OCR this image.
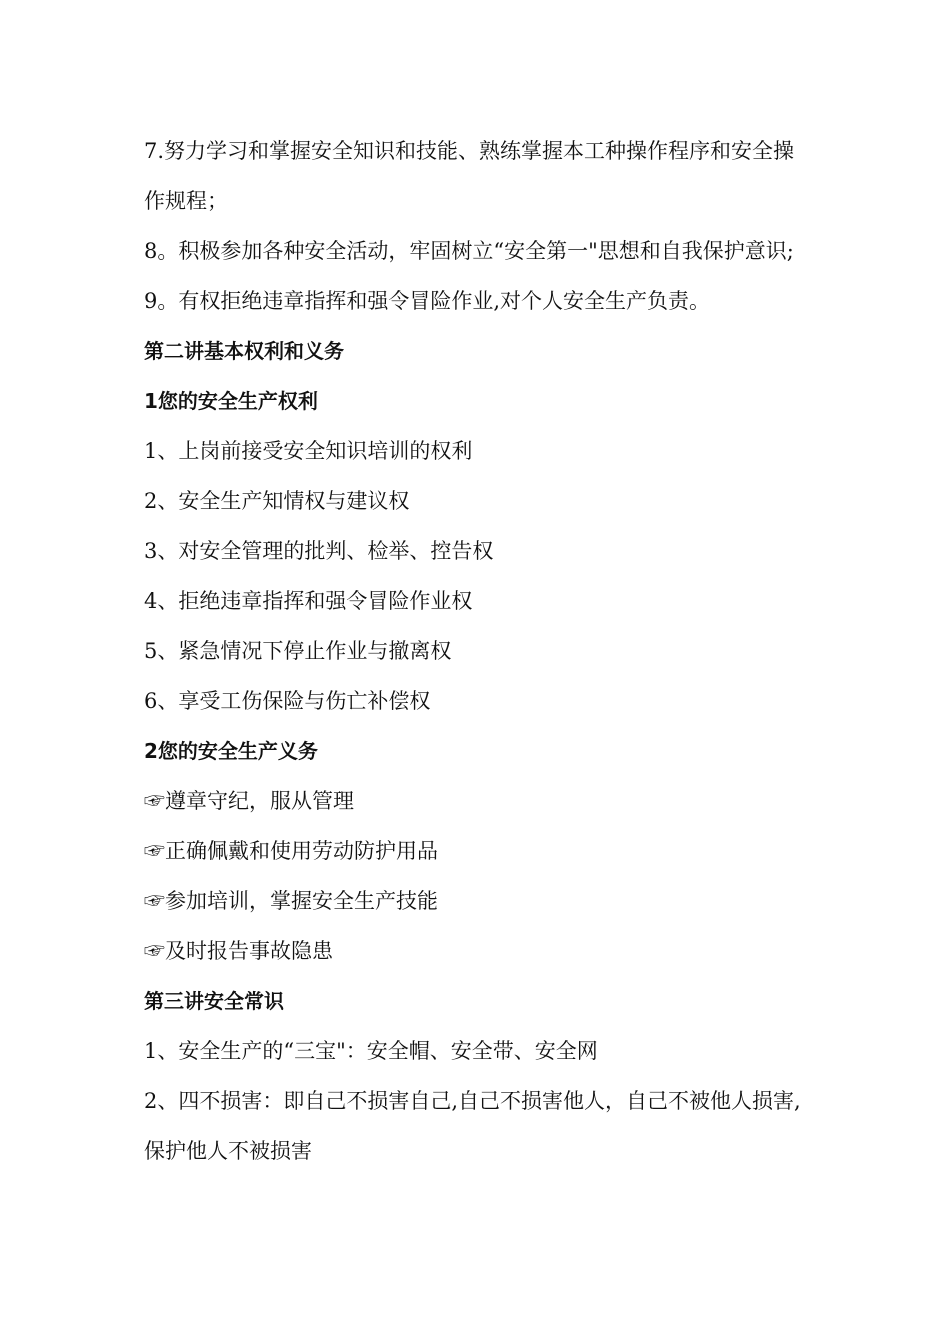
7.努力学习和掌握安全知识和技能、熟练掌握本工种操作程序和安全操作规程；

8。积极参加各种安全活动，牢固树立“安全第一"思想和自我保护意识;

9。有权拒绝违章指挥和强令冒险作业,对个人安全生产负责。

第二讲基本权利和义务

1您的安全生产权利

1、上岗前接受安全知识培训的权利

2、安全生产知情权与建议权

3、对安全管理的批判、检举、控告权

4、拒绝违章指挥和强令冒险作业权

5、紧急情况下停止作业与撤离权

6、享受工伤保险与伤亡补偿权

2您的安全生产义务

☞遵章守纪，服从管理

☞正确佩戴和使用劳动防护用品

☞参加培训，掌握安全生产技能

☞及时报告事故隐患

第三讲安全常识

1、安全生产的“三宝"：安全帽、安全带、安全网

2、四不损害：即自己不损害自己,自己不损害他人，自己不被他人损害,保护他人不被损害
